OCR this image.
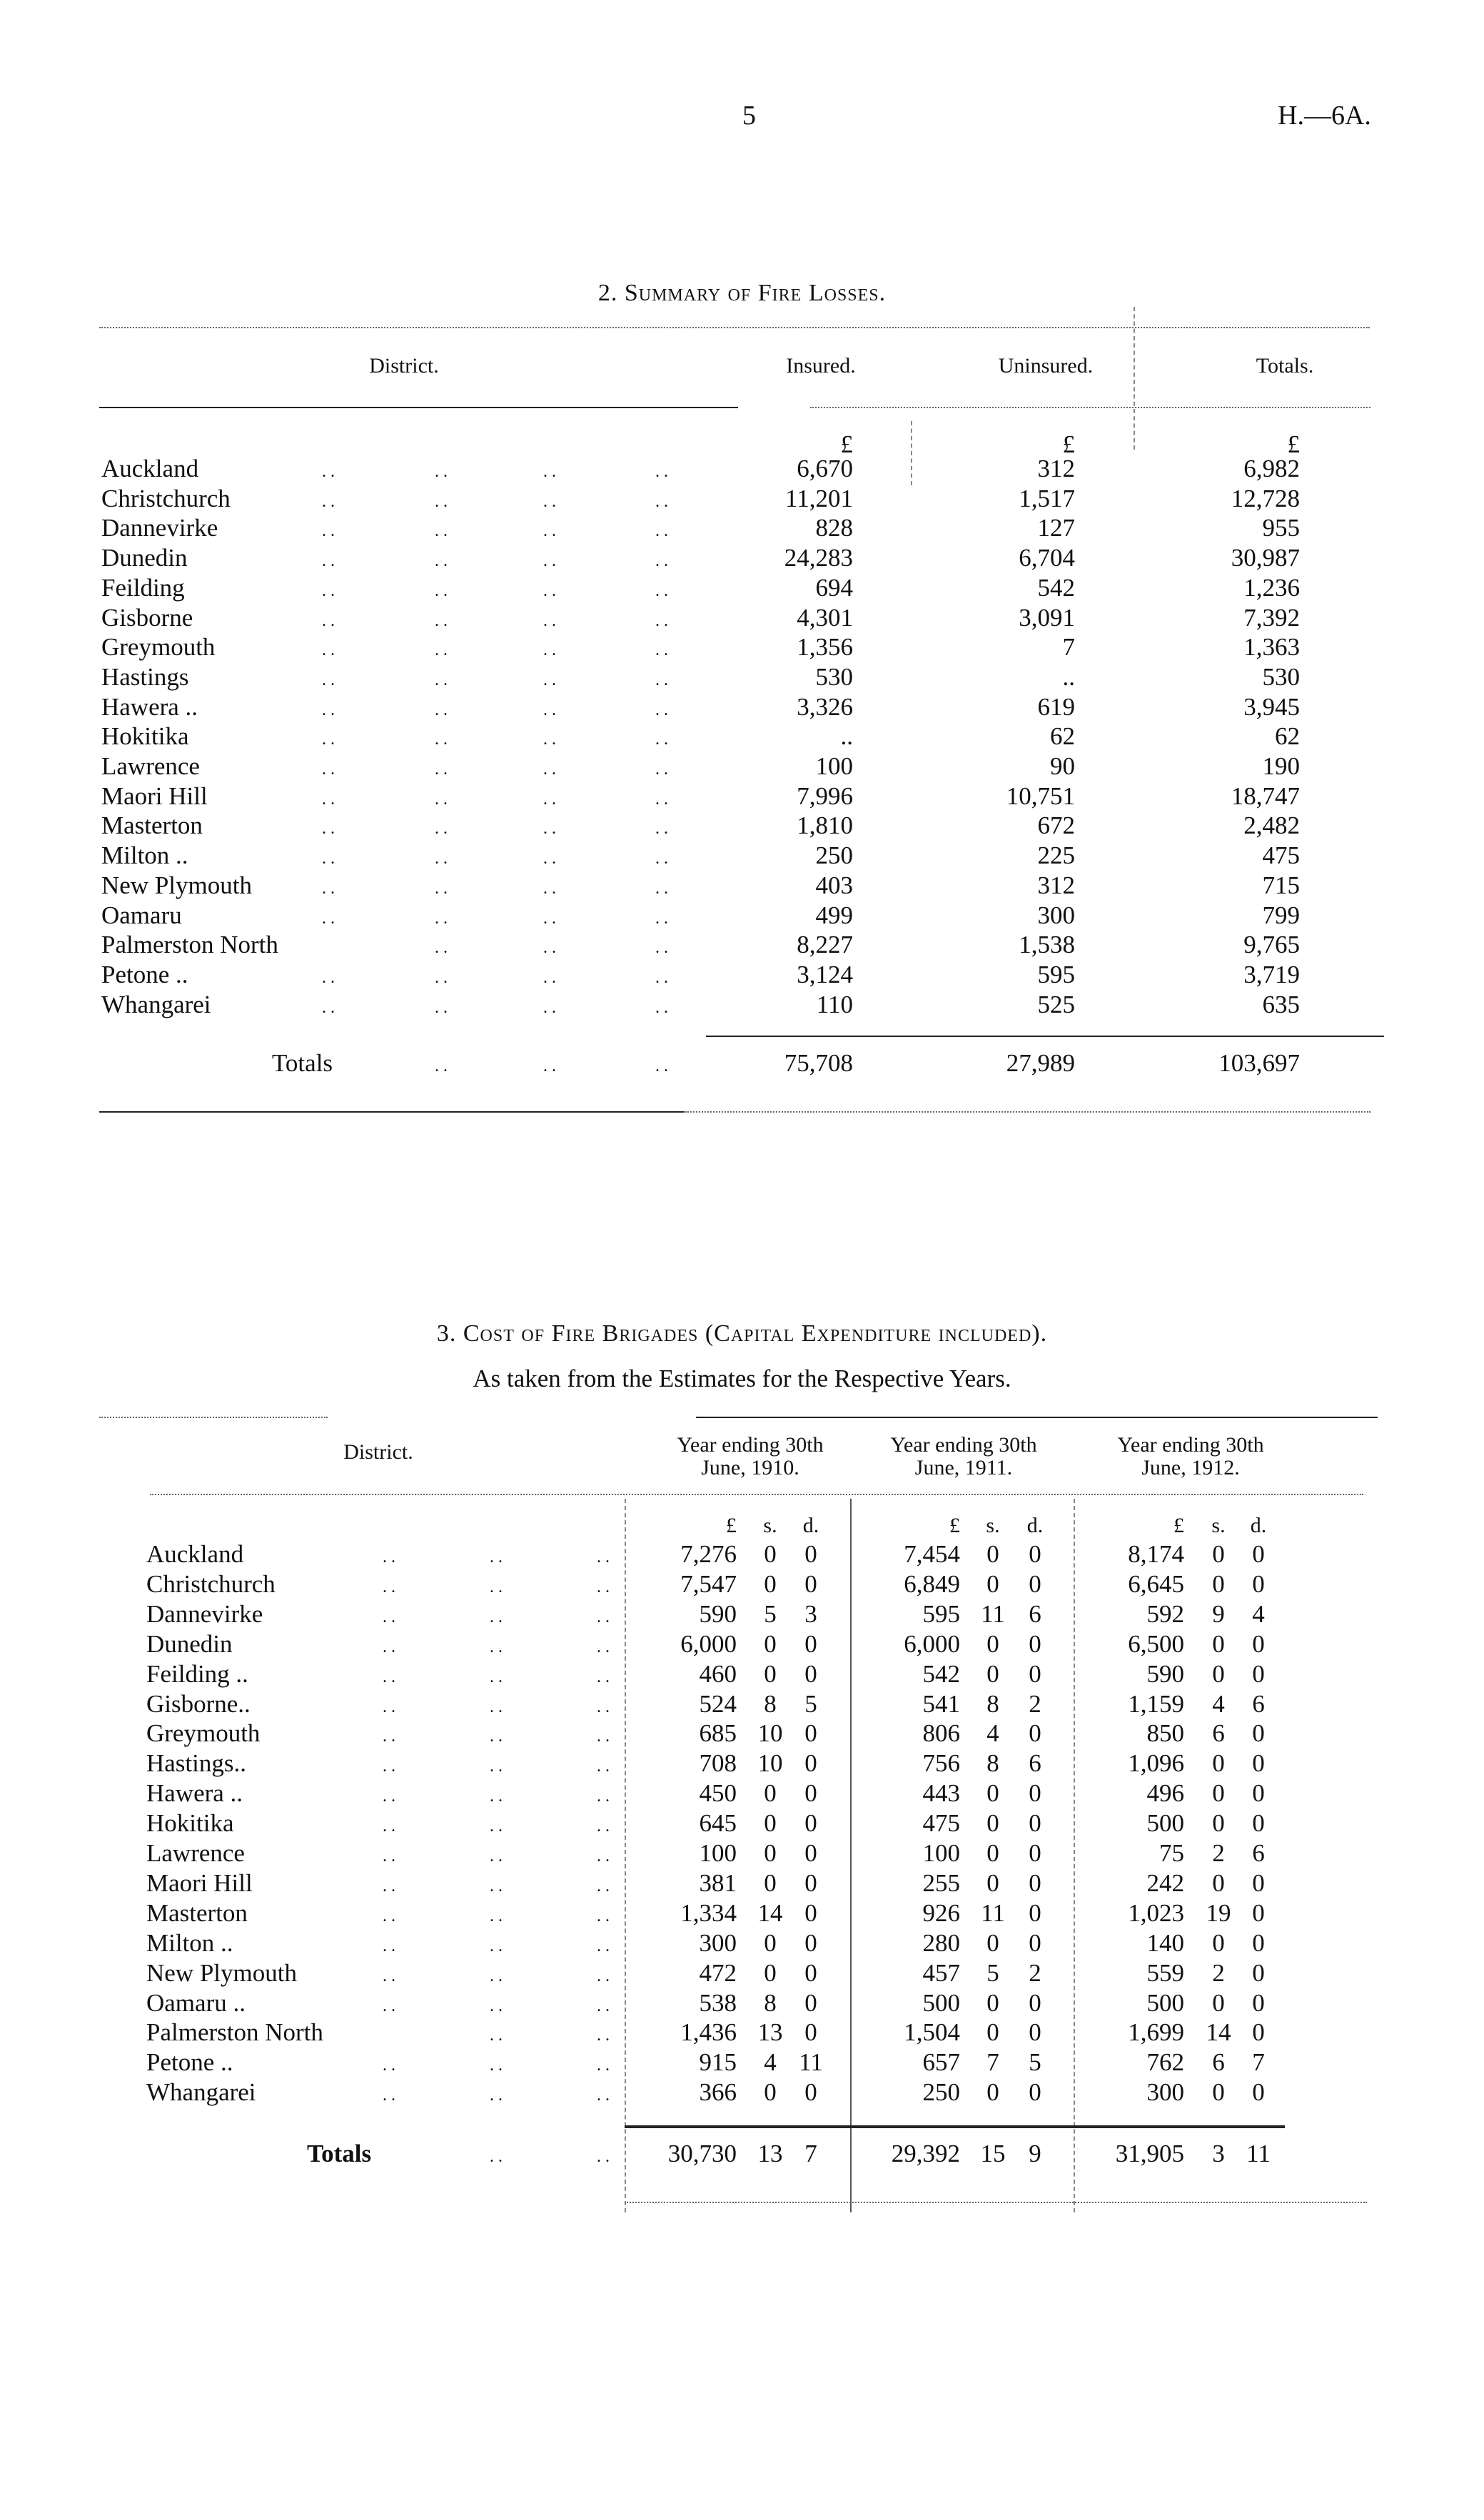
5	H.—6A.
2. Summary of Fire Losses.
District.	Insured.	Uninsured.	Totals.
£	£	£
Auckland	. .	. .	. .	. .	6,670	312	6,982
Christchurch	. .	. .	. .	. .	11,201	1,517	12,728
Dannevirke	. .	. .	. .	. .	828	127	955
Dunedin	. .	. .	. .	. .	24,283	6,704	30,987
Feilding	. .	. .	. .	. .	694	542	1,236
Gisborne	. .	. .	. .	. .	4,301	3,091	7,392
Greymouth	. .	. .	. .	. .	1,356	7	1,363
Hastings	. .	. .	. .	. .	530	..	530
Hawera ..	. .	. .	. .	. .	3,326	619	3,945
Hokitika	. .	. .	. .	. .	..	62	62
Lawrence	. .	. .	. .	. .	100	90	190
Maori Hill	. .	. .	. .	. .	7,996	10,751	18,747
Masterton	. .	. .	. .	. .	1,810	672	2,482
Milton ..	. .	. .	. .	. .	250	225	475
New Plymouth	. .	. .	. .	. .	403	312	715
Oamaru	. .	. .	. .	. .	499	300	799
Palmerston North	. .	. .	. .	8,227	1,538	9,765
Petone ..	. .	. .	. .	. .	3,124	595	3,719
Whangarei	. .	. .	. .	. .	110	525	635
Totals	. .	. .	. .	75,708	27,989	103,697
3. Cost of Fire Brigades (Capital Expenditure included).
As taken from the Estimates for the Respective Years.
District.	Year ending 30th
June, 1910.
Year ending 30th
June, 1911.
Year ending 30th
June, 1912.
£	s.	d.	£	s.	d.	£	s.	d.
Auckland	. .	. .	. .	7,276	0	0	7,454	0	0	8,174	0	0
Christchurch	. .	. .	. .	7,547	0	0	6,849	0	0	6,645	0	0
Dannevirke	. .	. .	. .	590	5	3	595 11 6	592	9	4
Dunedin	. .	. .	. .	6,000	0	0	6,000	0	0	6,500	0	0
Feilding ..	. .	. .	. .	460	0	0	542	0	0	590	0	0
Gisborne..	. .	. .	. .	524	8	5	541	8	2	1,159	4	6
Greymouth	. .	. .	. .	685 10 0	806	4	0	850	6	0
Hastings..	. .	. .	. .	708 10 0	756	8	6	1,096	0	0
Hawera ..	. .	. .	. .	450	0	0	443	0	0	496	0	0
Hokitika	. .	. .	. .	645	0	0	475	0	0	500	0	0
Lawrence	. .	. .	. .	100	0	0	100	0	0	75	2	6
Maori Hill	. .	. .	. .	381	0	0	255	0	0	242	0	0
Masterton	. .	. .	. .	1,334 14 0	926 11 0	1,023 19 0
Milton ..	. .	. .	. .	300	0	0	280	0	0	140	0	0
New Plymouth	. .	. .	. .	472	0	0	457	5	2	559	2	0
Oamaru ..	. .	. .	. .	538	8	0	500	0	0	500	0	0
Palmerston North	. .	. .	1,436 13 0	1,504	0	0	1,699 14 0
Petone ..	. .	. .	. .	915	4 11	657	7	5	762	6	7
Whangarei	. .	. .	. .	366	0	0	250	0	0	300	0	0
Totals	. .	. .	30,730 13 7	29,392 15 9	31,905	3 11
